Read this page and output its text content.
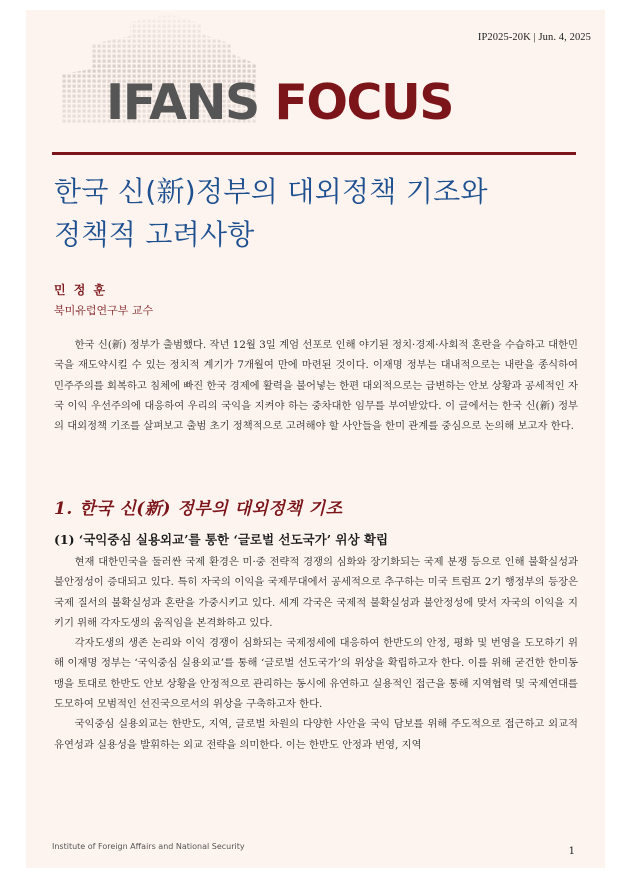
IP2025-20K | Jun. 4, 2025
IFANS FOCUS
한국 신(新)정부의 대외정책 기조와
정책적 고려사항
민 정 훈
북미유럽연구부 교수

한국 신(新) 정부가 출범했다. 작년 12월 3일 계엄 선포로 인해 야기된 정치·경제·사회적 혼란을 수습하고 대한민국을 재도약시킬 수 있는 정치적 계기가 7개월여 만에 마련된 것이다. 이재명 정부는 대내적으로는 내란을 종식하여 민주주의를 회복하고 침체에 빠진 한국 경제에 활력을 불어넣는 한편 대외적으로는 급변하는 안보 상황과 공세적인 자국 이익 우선주의에 대응하여 우리의 국익을 지켜야 하는 중차대한 임무를 부여받았다. 이 글에서는 한국 신(新) 정부의 대외정책 기조를 살펴보고 출범 초기 정책적으로 고려해야 할 사안들을 한미 관계를 중심으로 논의해 보고자 한다.

1. 한국 신(新) 정부의 대외정책 기조
(1) ‘국익중심 실용외교’를 통한 ‘글로벌 선도국가’ 위상 확립

현재 대한민국을 둘러싼 국제 환경은 미·중 전략적 경쟁의 심화와 장기화되는 국제 분쟁 등으로 인해 불확실성과 불안정성이 증대되고 있다. 특히 자국의 이익을 국제무대에서 공세적으로 추구하는 미국 트럼프 2기 행정부의 등장은 국제 질서의 불확실성과 혼란을 가중시키고 있다. 세계 각국은 국제적 불확실성과 불안정성에 맞서 자국의 이익을 지키기 위해 각자도생의 움직임을 본격화하고 있다.

각자도생의 생존 논리와 이익 경쟁이 심화되는 국제정세에 대응하여 한반도의 안정, 평화 및 번영을 도모하기 위해 이재명 정부는 ‘국익중심 실용외교’를 통해 ‘글로벌 선도국가’의 위상을 확립하고자 한다. 이를 위해 굳건한 한미동맹을 토대로 한반도 안보 상황을 안정적으로 관리하는 동시에 유연하고 실용적인 접근을 통해 지역협력 및 국제연대를 도모하여 모범적인 선진국으로서의 위상을 구축하고자 한다.

국익중심 실용외교는 한반도, 지역, 글로벌 차원의 다양한 사안을 국익 담보를 위해 주도적으로 접근하고 외교적 유연성과 실용성을 발휘하는 외교 전략을 의미한다. 이는 한반도 안정과 번영, 지역

Institute of Foreign Affairs and National Security	1
